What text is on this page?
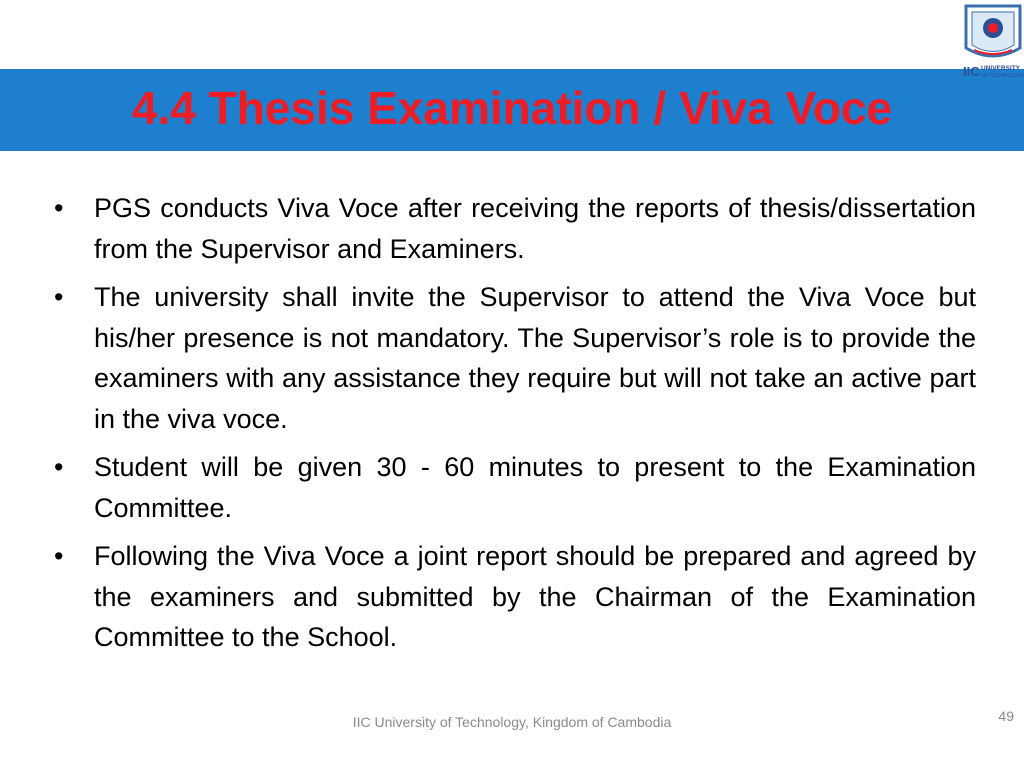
4.4 Thesis Examination / Viva Voce
IIC UNIVERSITY
OF TECHNOLOGY
• PGS conducts Viva Voce after receiving the reports of thesis/dissertation from the Supervisor and Examiners.
• The university shall invite the Supervisor to attend the Viva Voce but his/her presence is not mandatory. The Supervisor’s role is to provide the examiners with any assistance they require but will not take an active part in the viva voce.
• Student will be given 30 - 60 minutes to present to the Examination Committee.
• Following the Viva Voce a joint report should be prepared and agreed by the examiners and submitted by the Chairman of the Examination Committee to the School.
IIC University of Technology, Kingdom of Cambodia	49
